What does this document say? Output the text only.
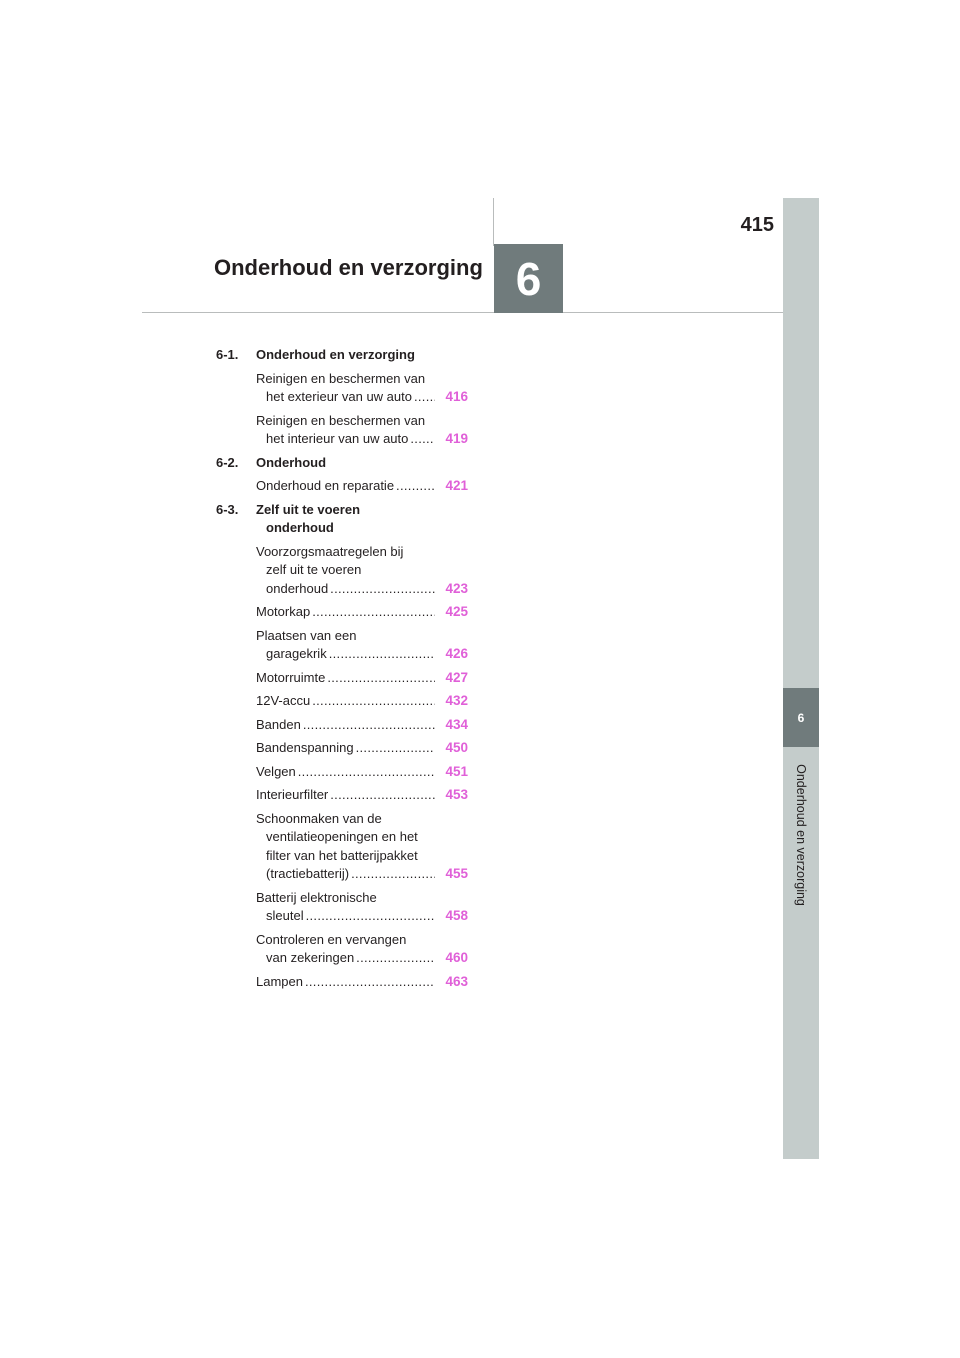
415
Onderhoud en verzorging 6
6
Onderhoud en verzorging
6-1.	Onderhoud en verzorging
Reinigen en beschermen van
het exterieur van uw auto .....	416
Reinigen en beschermen van
het interieur van uw auto .....	419
6-2.	Onderhoud
Onderhoud en reparatie .....	421
6-3.	Zelf uit te voeren
onderhoud
Voorzorgsmaatregelen bij
zelf uit te voeren
onderhoud .....	423
Motorkap .....	425
Plaatsen van een
garagekrik .....	426
Motorruimte .....	427
12V-accu .....	432
Banden .....	434
Bandenspanning .....	450
Velgen .....	451
Interieurfilter .....	453
Schoonmaken van de
ventilatieopeningen en het
filter van het batterijpakket
(tractiebatterij) .....	455
Batterij elektronische
sleutel .....	458
Controleren en vervangen
van zekeringen .....	460
Lampen .....	463
